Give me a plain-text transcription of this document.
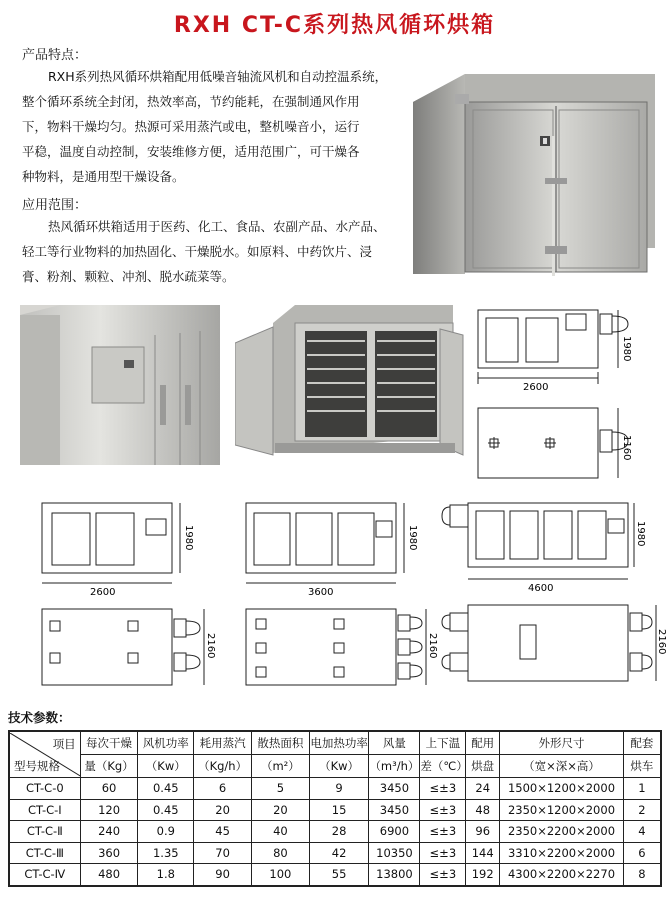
RXH CT-C系列热风循环烘箱
产品特点：
RXH系列热风循环烘箱配用低噪音轴流风机和自动控温系统，
整个循环系统全封闭，热效率高，节约能耗，在强制通风作用
下，物料干燥均匀。热源可采用蒸汽或电，整机噪音小，运行
平稳，温度自动控制，安装维修方便，适用范围广，可干燥各
种物料，是通用型干燥设备。
应用范围：
热风循环烘箱适用于医药、化工、食品、农副产品、水产品、
轻工等行业物料的加热固化、干燥脱水。如原料、中药饮片、浸
膏、粉剂、颗粒、冲剂、脱水疏菜等。
2600
1980
1160
2600
1980
2160
3600
1980
2160
4600
1980
2160
技术参数：
项目
型号规格	每次干燥	风机功率	耗用蒸汽	散热面积	电加热功率	风量	上下温	配用	外形尺寸	配套
	量（Kg）	（Kw）	（Kg/h）	（m²）	（Kw）	（m³/h）	差（℃）	烘盘	（宽×深×高）	烘车
CT-C-0	60	0.45	6	5	9	3450	≤±3	24	1500×1200×2000	1
CT-C-Ⅰ	120	0.45	20	20	15	3450	≤±3	48	2350×1200×2000	2
CT-C-Ⅱ	240	0.9	45	40	28	6900	≤±3	96	2350×2200×2000	4
CT-C-Ⅲ	360	1.35	70	80	42	10350	≤±3	144	3310×2200×2000	6
CT-C-Ⅳ	480	1.8	90	100	55	13800	≤±3	192	4300×2200×2270	8
